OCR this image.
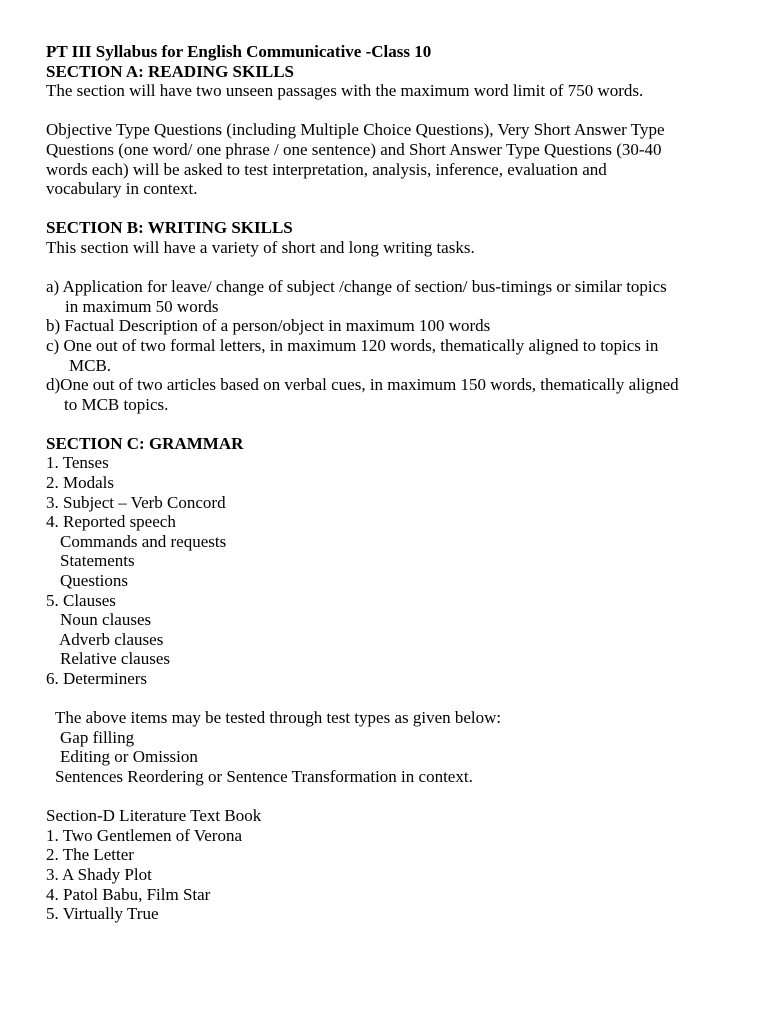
PT III Syllabus for English Communicative -Class 10
SECTION A: READING SKILLS
The section will have two unseen passages with the maximum word limit of 750 words.
Objective Type Questions (including Multiple Choice Questions), Very Short Answer Type
Questions (one word/ one phrase / one sentence) and Short Answer Type Questions (30-40
words each) will be asked to test interpretation, analysis, inference, evaluation and
vocabulary in context.
SECTION B: WRITING SKILLS
This section will have a variety of short and long writing tasks.
a) Application for leave/ change of subject /change of section/ bus-timings or similar topics
in maximum 50 words
b) Factual Description of a person/object in maximum 100 words
c) One out of two formal letters, in maximum 120 words, thematically aligned to topics in
MCB.
d)One out of two articles based on verbal cues, in maximum 150 words, thematically aligned
to MCB topics.
SECTION C: GRAMMAR
1. Tenses
2. Modals
3. Subject – Verb Concord
4. Reported speech
Commands and requests
Statements
Questions
5. Clauses
Noun clauses
Adverb clauses
Relative clauses
6. Determiners
The above items may be tested through test types as given below:
Gap filling
Editing or Omission
Sentences Reordering or Sentence Transformation in context.
Section-D Literature Text Book
1. Two Gentlemen of Verona
2. The Letter
3. A Shady Plot
4. Patol Babu, Film Star
5. Virtually True
